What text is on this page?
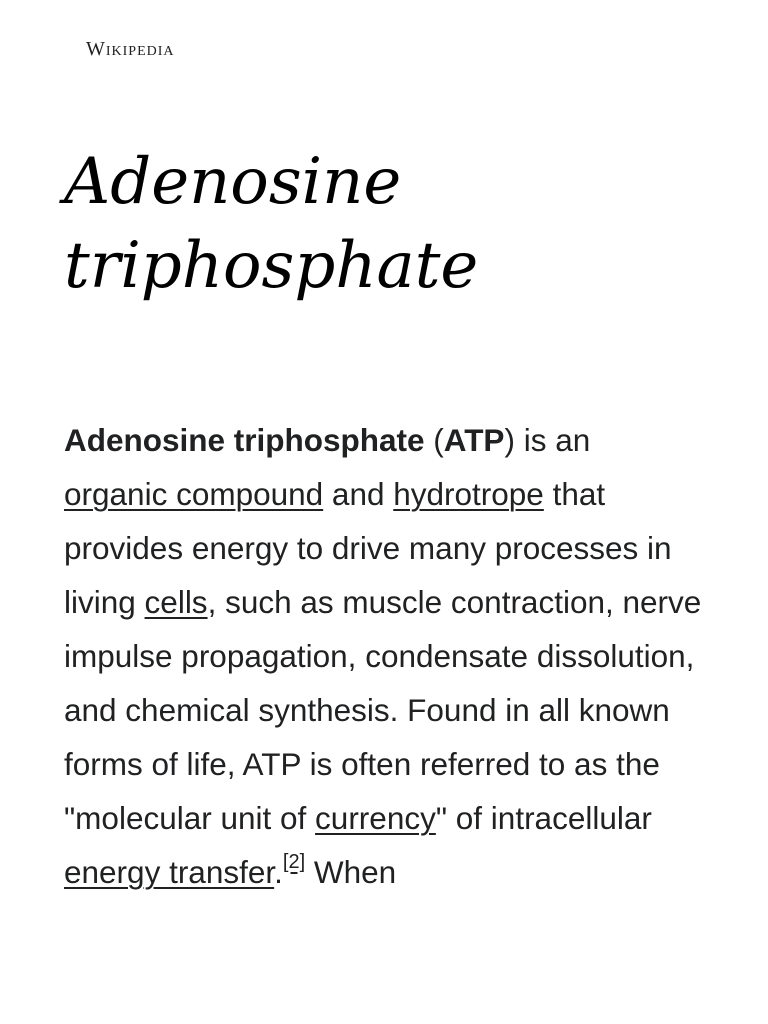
Wikipedia
Adenosine
triphosphate

Adenosine triphosphate (ATP) is an
organic compound and hydrotrope that provides energy to drive many processes in living cells, such as muscle contraction, nerve impulse propagation, condensate dissolution, and chemical synthesis. Found in all known forms of life, ATP is often referred to as the "molecular unit of currency" of intracellular energy transfer.[2] When
